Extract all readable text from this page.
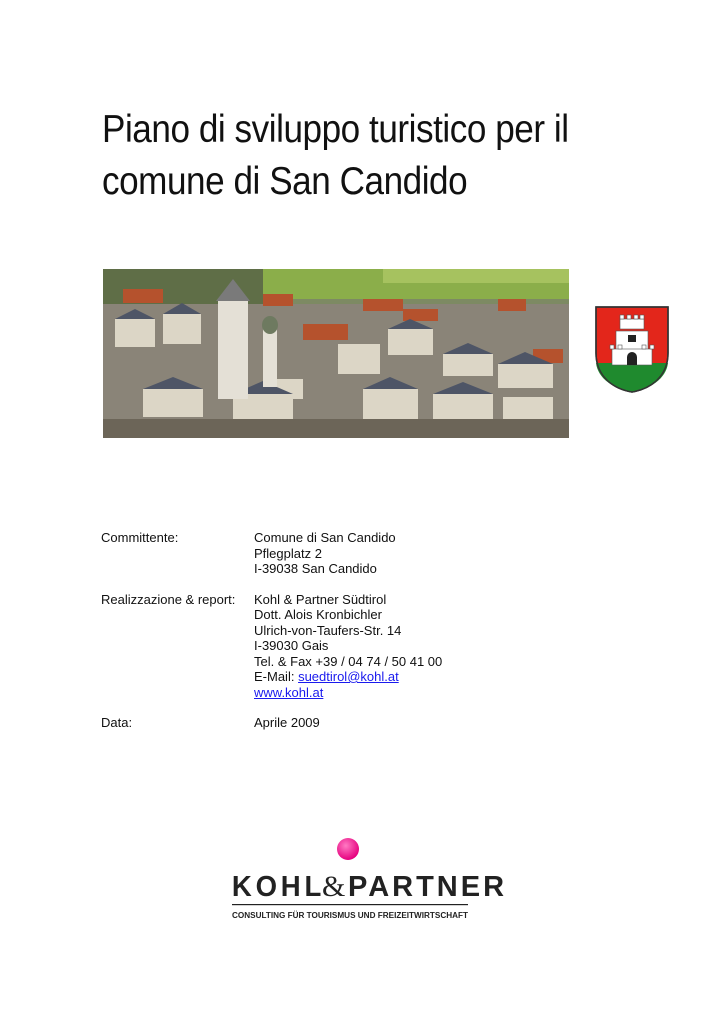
Piano di sviluppo turistico per il
comune di San Candido
Committente:	Comune di San Candido
Pflegplatz 2
I-39038 San Candido
Realizzazione & report:	Kohl & Partner Südtirol
Dott. Alois Kronbichler
Ulrich-von-Taufers-Str. 14
I-39030 Gais
Tel. & Fax +39 / 04 74 / 50 41 00
E-Mail: suedtirol@kohl.at
www.kohl.at
Data:	Aprile 2009
KOHL
& PARTNER
CONSULTING FÜR TOURISMUS UND FREIZEITWIRTSCHAFT
